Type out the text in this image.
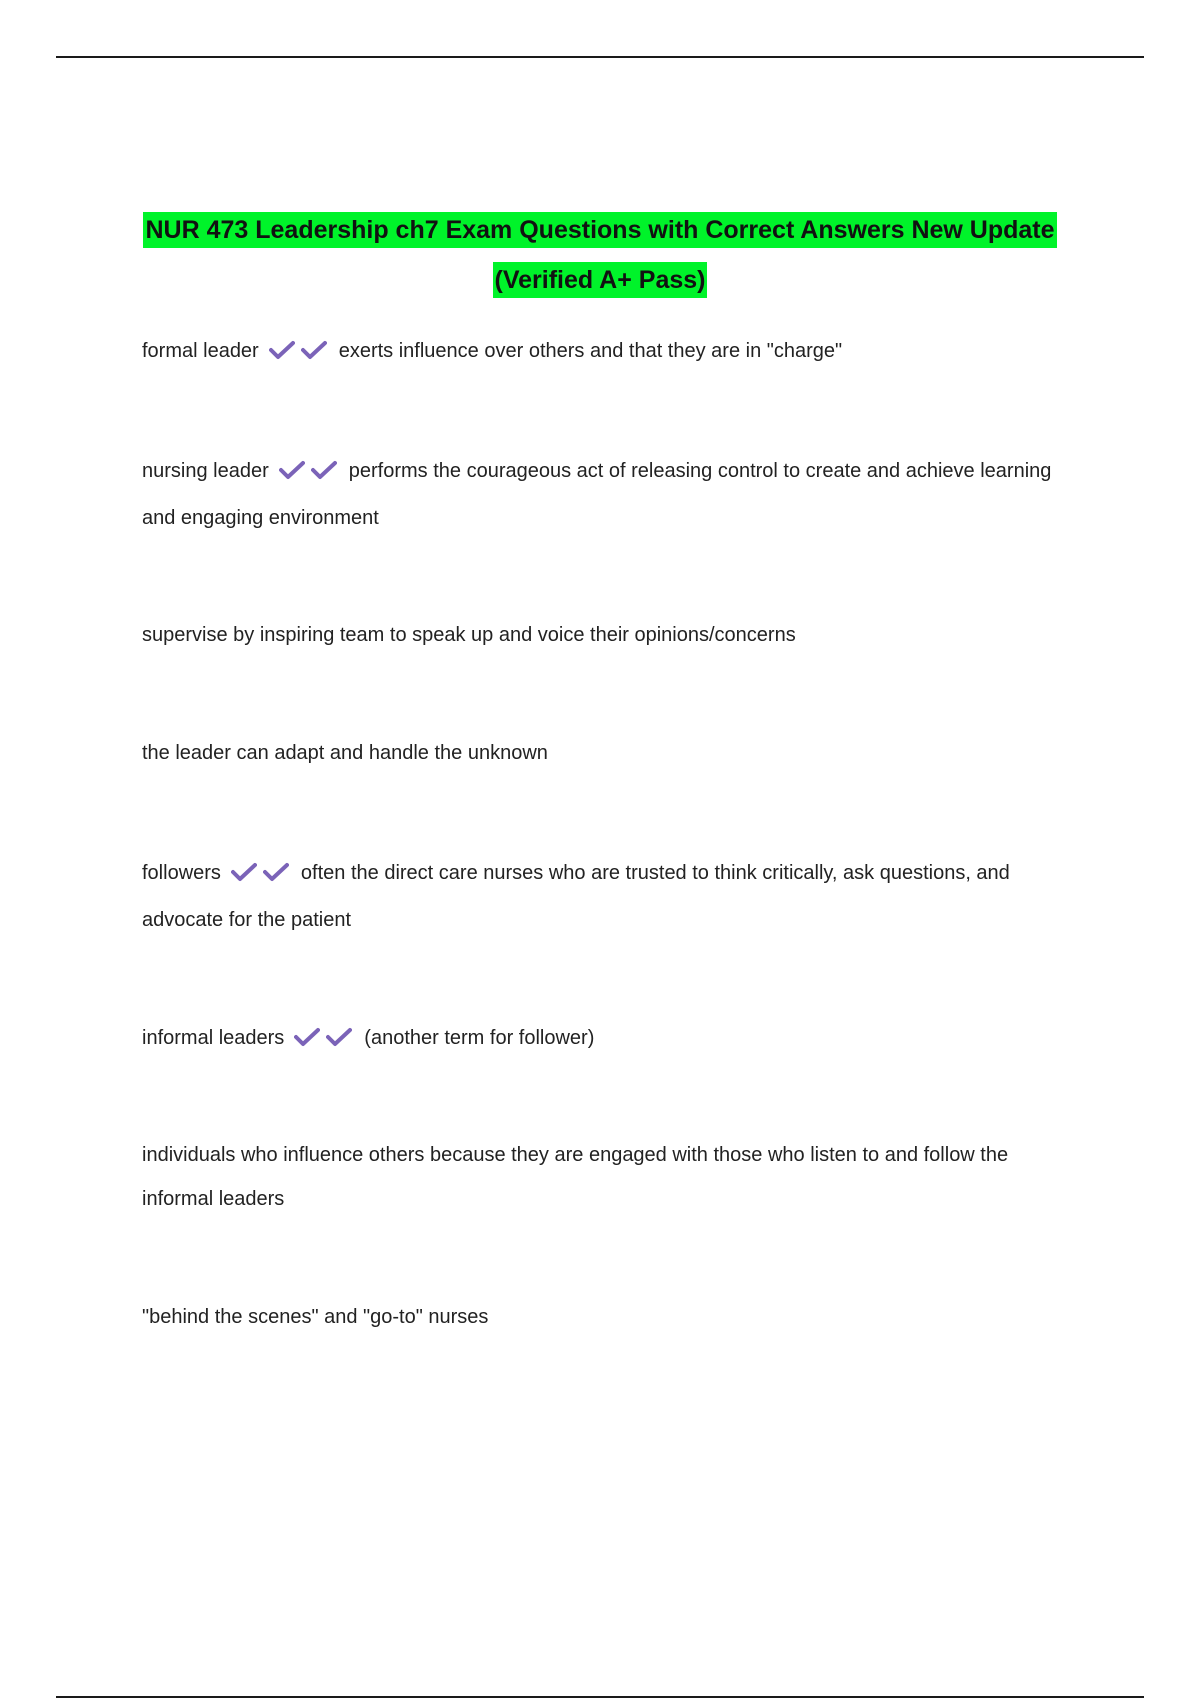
NUR 473 Leadership ch7 Exam Questions with Correct Answers New Update
(Verified A+ Pass)
formal leader	exerts influence over others and that they are in "charge"
nursing leader	performs the courageous act of releasing control to create and achieve learning and engaging environment
supervise by inspiring team to speak up and voice their opinions/concerns
the leader can adapt and handle the unknown
followers	often the direct care nurses who are trusted to think critically, ask questions, and advocate for the patient
informal leaders	(another term for follower)
individuals who influence others because they are engaged with those who listen to and follow the informal leaders
"behind the scenes" and "go-to" nurses
